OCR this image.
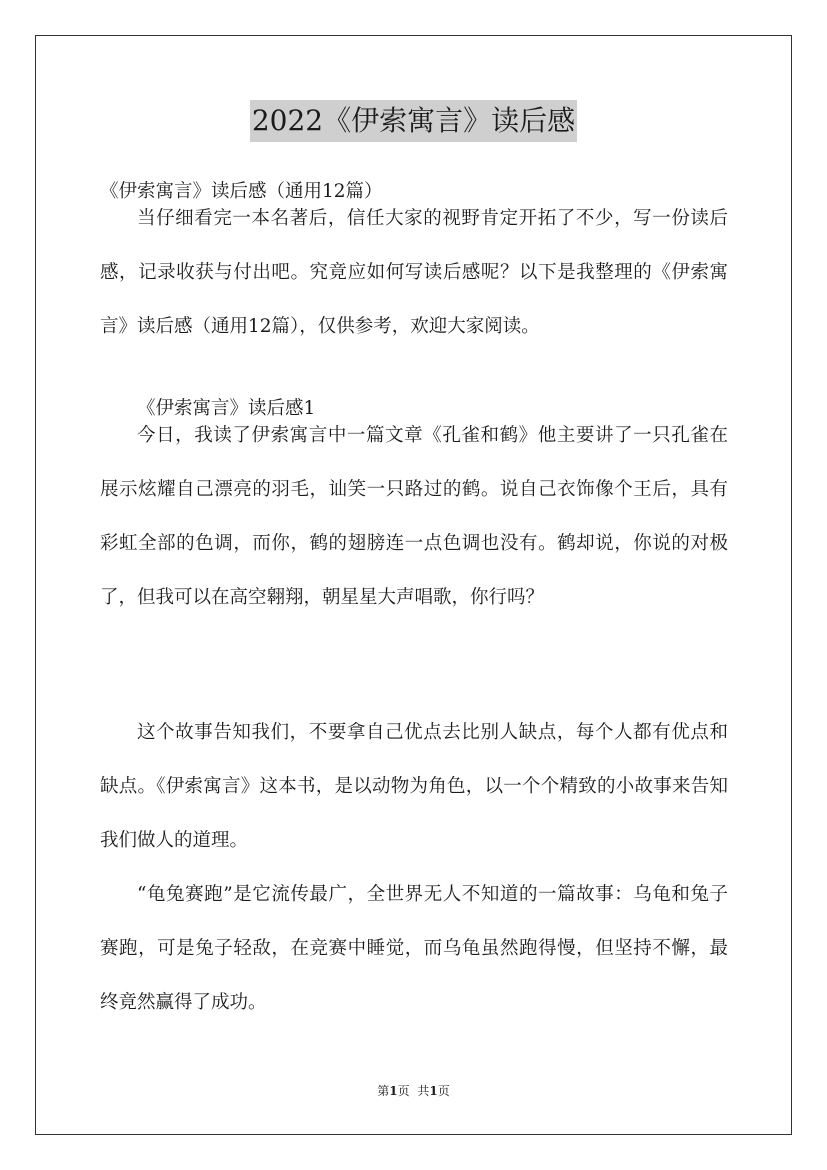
2022《伊索寓言》读后感

《伊索寓言》读后感（通用12篇）

当仔细看完一本名著后，信任大家的视野肯定开拓了不少，写一份读后感，记录收获与付出吧。究竟应如何写读后感呢？以下是我整理的《伊索寓言》读后感（通用12篇），仅供参考，欢迎大家阅读。

《伊索寓言》读后感1

今日，我读了伊索寓言中一篇文章《孔雀和鹤》他主要讲了一只孔雀在展示炫耀自己漂亮的羽毛，讪笑一只路过的鹤。说自己衣饰像个王后，具有彩虹全部的色调，而你，鹤的翅膀连一点色调也没有。鹤却说，你说的对极了，但我可以在高空翱翔，朝星星大声唱歌，你行吗？

这个故事告知我们，不要拿自己优点去比别人缺点，每个人都有优点和缺点。《伊索寓言》这本书，是以动物为角色，以一个个精致的小故事来告知我们做人的道理。

“龟兔赛跑”是它流传最广，全世界无人不知道的一篇故事：乌龟和兔子赛跑，可是兔子轻敌，在竞赛中睡觉，而乌龟虽然跑得慢，但坚持不懈，最终竟然赢得了成功。

第1页 共1页
